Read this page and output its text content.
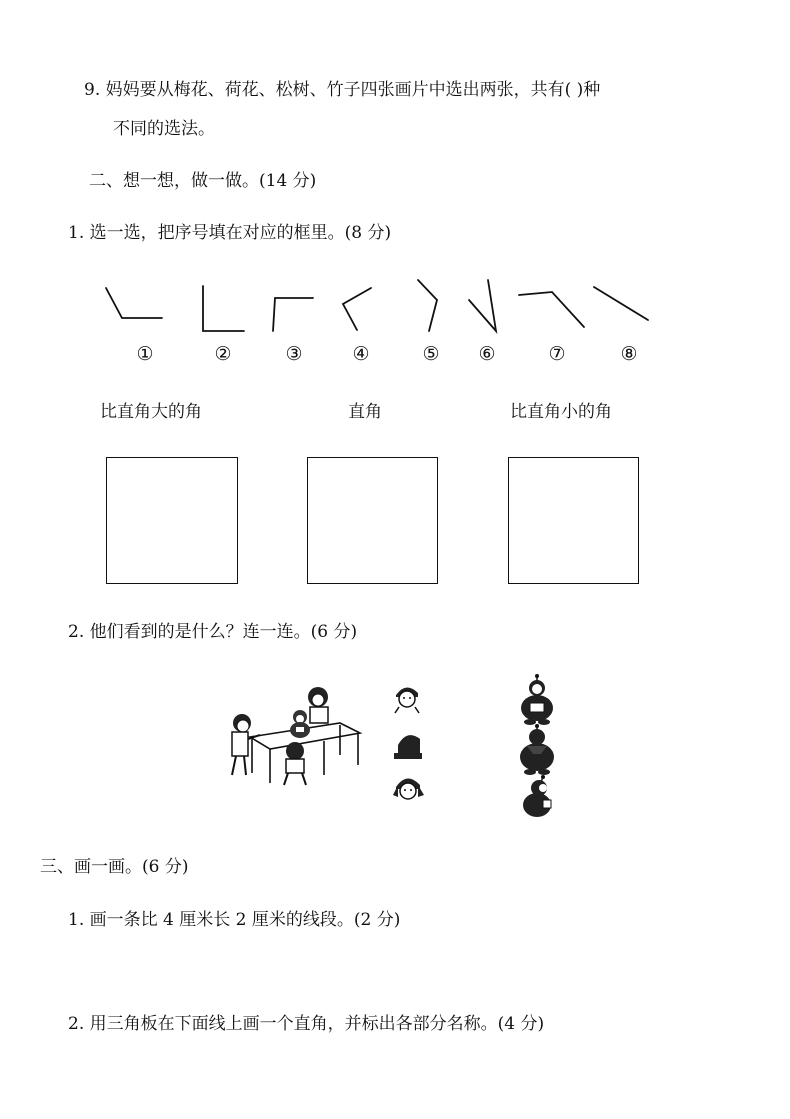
9. 妈妈要从梅花、荷花、松树、竹子四张画片中选出两张，共有( )种
不同的选法。
二、想一想，做一做。(14 分)
1. 选一选，把序号填在对应的框里。(8 分)
①	②	③	④	⑤	⑥	⑦	⑧
比直角大的角	直角	比直角小的角
2. 他们看到的是什么？连一连。(6 分)
三、画一画。(6 分)
1. 画一条比 4 厘米长 2 厘米的线段。(2 分)
2. 用三角板在下面线上画一个直角，并标出各部分名称。(4 分)
